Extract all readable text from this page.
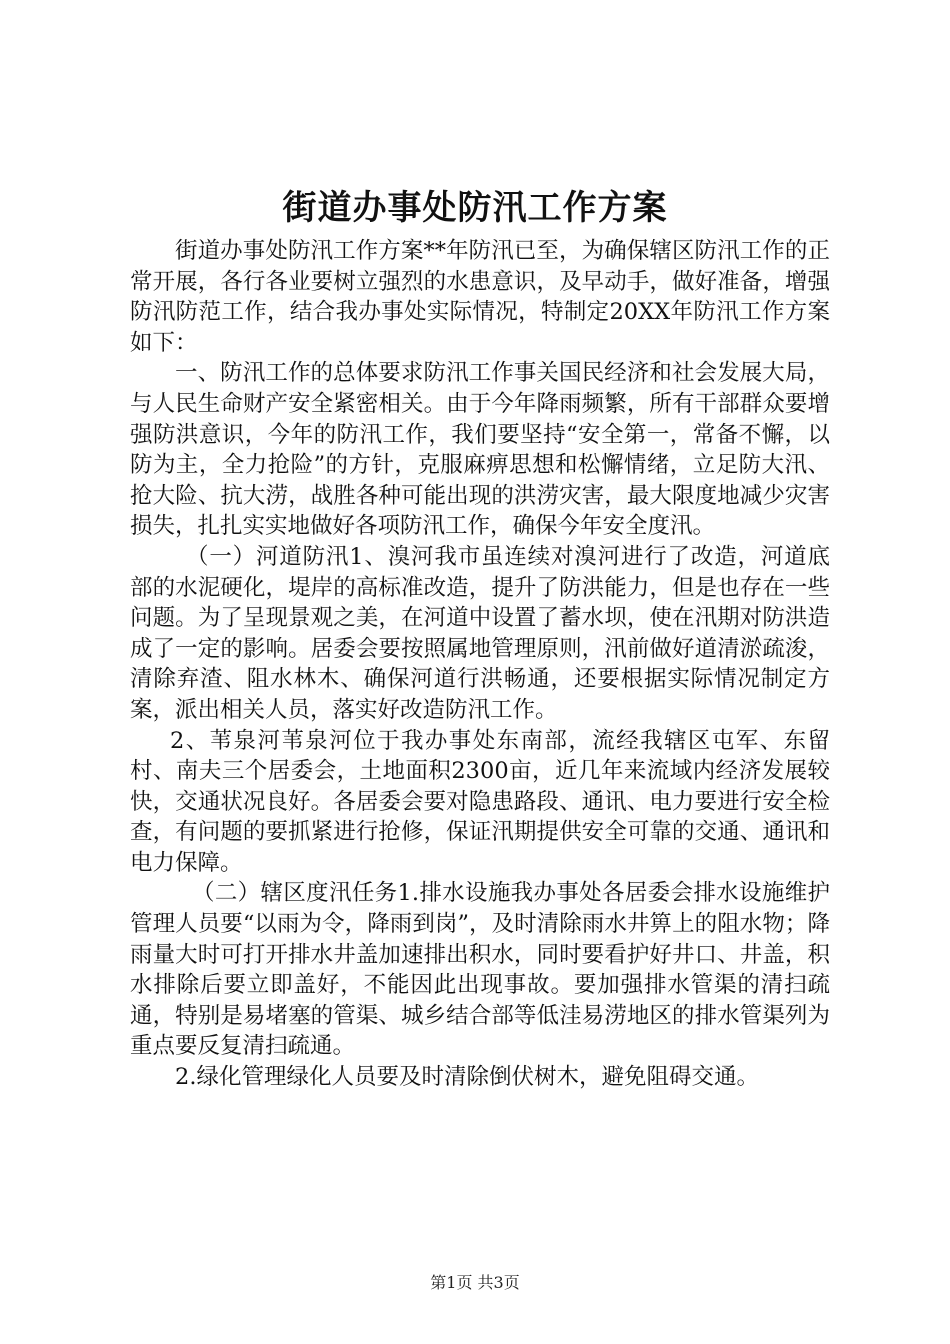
街道办事处防汛工作方案

街道办事处防汛工作方案**年防汛已至，为确保辖区防汛工作的正常开展，各行各业要树立强烈的水患意识，及早动手，做好准备，增强防汛防范工作，结合我办事处实际情况，特制定20XX年防汛工作方案如下：

一、防汛工作的总体要求防汛工作事关国民经济和社会发展大局，与人民生命财产安全紧密相关。由于今年降雨频繁，所有干部群众要增强防洪意识，今年的防汛工作，我们要坚持“安全第一，常备不懈，以防为主，全力抢险”的方针，克服麻痹思想和松懈情绪，立足防大汛、抢大险、抗大涝，战胜各种可能出现的洪涝灾害，最大限度地减少灾害损失，扎扎实实地做好各项防汛工作，确保今年安全度汛。

（一）河道防汛1、溴河我市虽连续对溴河进行了改造，河道底部的水泥硬化，堤岸的高标准改造，提升了防洪能力，但是也存在一些问题。为了呈现景观之美，在河道中设置了蓄水坝，使在汛期对防洪造成了一定的影响。居委会要按照属地管理原则，汛前做好道清淤疏浚，清除弃渣、阻水林木、确保河道行洪畅通，还要根据实际情况制定方案，派出相关人员，落实好改造防汛工作。

2、苇泉河苇泉河位于我办事处东南部，流经我辖区屯军、东留村、南夫三个居委会，土地面积2300亩，近几年来流域内经济发展较快，交通状况良好。各居委会要对隐患路段、通讯、电力要进行安全检查，有问题的要抓紧进行抢修，保证汛期提供安全可靠的交通、通讯和电力保障。

（二）辖区度汛任务1.排水设施我办事处各居委会排水设施维护管理人员要“以雨为令，降雨到岗”，及时清除雨水井箅上的阻水物；降雨量大时可打开排水井盖加速排出积水，同时要看护好井口、井盖，积水排除后要立即盖好，不能因此出现事故。要加强排水管渠的清扫疏通，特别是易堵塞的管渠、城乡结合部等低洼易涝地区的排水管渠列为重点要反复清扫疏通。

2.绿化管理绿化人员要及时清除倒伏树木，避免阻碍交通。

第1页 共3页
